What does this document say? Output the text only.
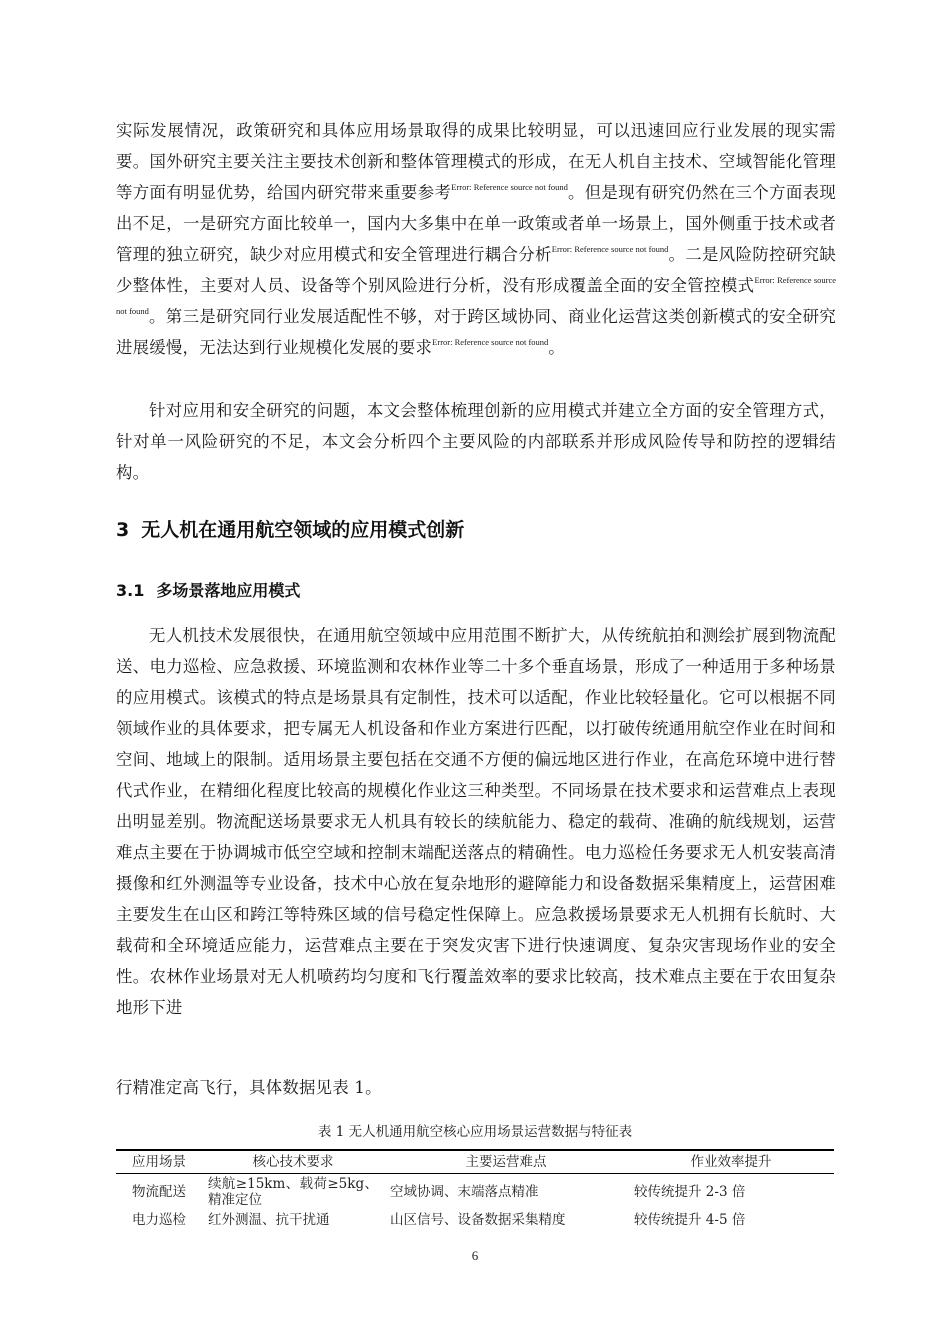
实际发展情况，政策研究和具体应用场景取得的成果比较明显，可以迅速回应行业发展的现实需要。国外研究主要关注主要技术创新和整体管理模式的形成，在无人机自主技术、空域智能化管理等方面有明显优势，给国内研究带来重要参考$^{Error: Reference source not found}$。但是现有研究仍然在三个方面表现出不足，一是研究方面比较单一，国内大多集中在单一政策或者单一场景上，国外侧重于技术或者管理的独立研究，缺少对应用模式和安全管理进行耦合分析$^{Error: Reference source not found}$。二是风险防控研究缺少整体性，主要对人员、设备等个别风险进行分析，没有形成覆盖全面的安全管控模式$^{Error: Reference source not found}$。第三是研究同行业发展适配性不够，对于跨区域协同、商业化运营这类创新模式的安全研究进展缓慢，无法达到行业规模化发展的要求$^{Error: Reference source not found}$。
针对应用和安全研究的问题，本文会整体梳理创新的应用模式并建立全方面的安全管理方式，针对单一风险研究的不足，本文会分析四个主要风险的内部联系并形成风险传导和防控的逻辑结构。
3 无人机在通用航空领域的应用模式创新
3.1 多场景落地应用模式
无人机技术发展很快，在通用航空领域中应用范围不断扩大，从传统航拍和测绘扩展到物流配送、电力巡检、应急救援、环境监测和农林作业等二十多个垂直场景，形成了一种适用于多种场景的应用模式。该模式的特点是场景具有定制性，技术可以适配，作业比较轻量化。它可以根据不同领域作业的具体要求，把专属无人机设备和作业方案进行匹配，以打破传统通用航空作业在时间和空间、地域上的限制。适用场景主要包括在交通不方便的偏远地区进行作业，在高危环境中进行替代式作业，在精细化程度比较高的规模化作业这三种类型。不同场景在技术要求和运营难点上表现出明显差别。物流配送场景要求无人机具有较长的续航能力、稳定的载荷、准确的航线规划，运营难点主要在于协调城市低空空域和控制末端配送落点的精确性。电力巡检任务要求无人机安装高清摄像和红外测温等专业设备，技术中心放在复杂地形的避障能力和设备数据采集精度上，运营困难主要发生在山区和跨江等特殊区域的信号稳定性保障上。应急救援场景要求无人机拥有长航时、大载荷和全环境适应能力，运营难点主要在于突发灾害下进行快速调度、复杂灾害现场作业的安全性。农林作业场景对无人机喷药均匀度和飞行覆盖效率的要求比较高，技术难点主要在于农田复杂地形下进
行精准定高飞行，具体数据见表 1。
表 1 无人机通用航空核心应用场景运营数据与特征表
应用场景	核心技术要求	主要运营难点	作业效率提升
物流配送	续航≥15km、载荷≥5kg、精准定位	空域协调、末端落点精准	较传统提升 2-3 倍
电力巡检	红外测温、抗干扰通	山区信号、设备数据采集精度	较传统提升 4-5 倍
6
